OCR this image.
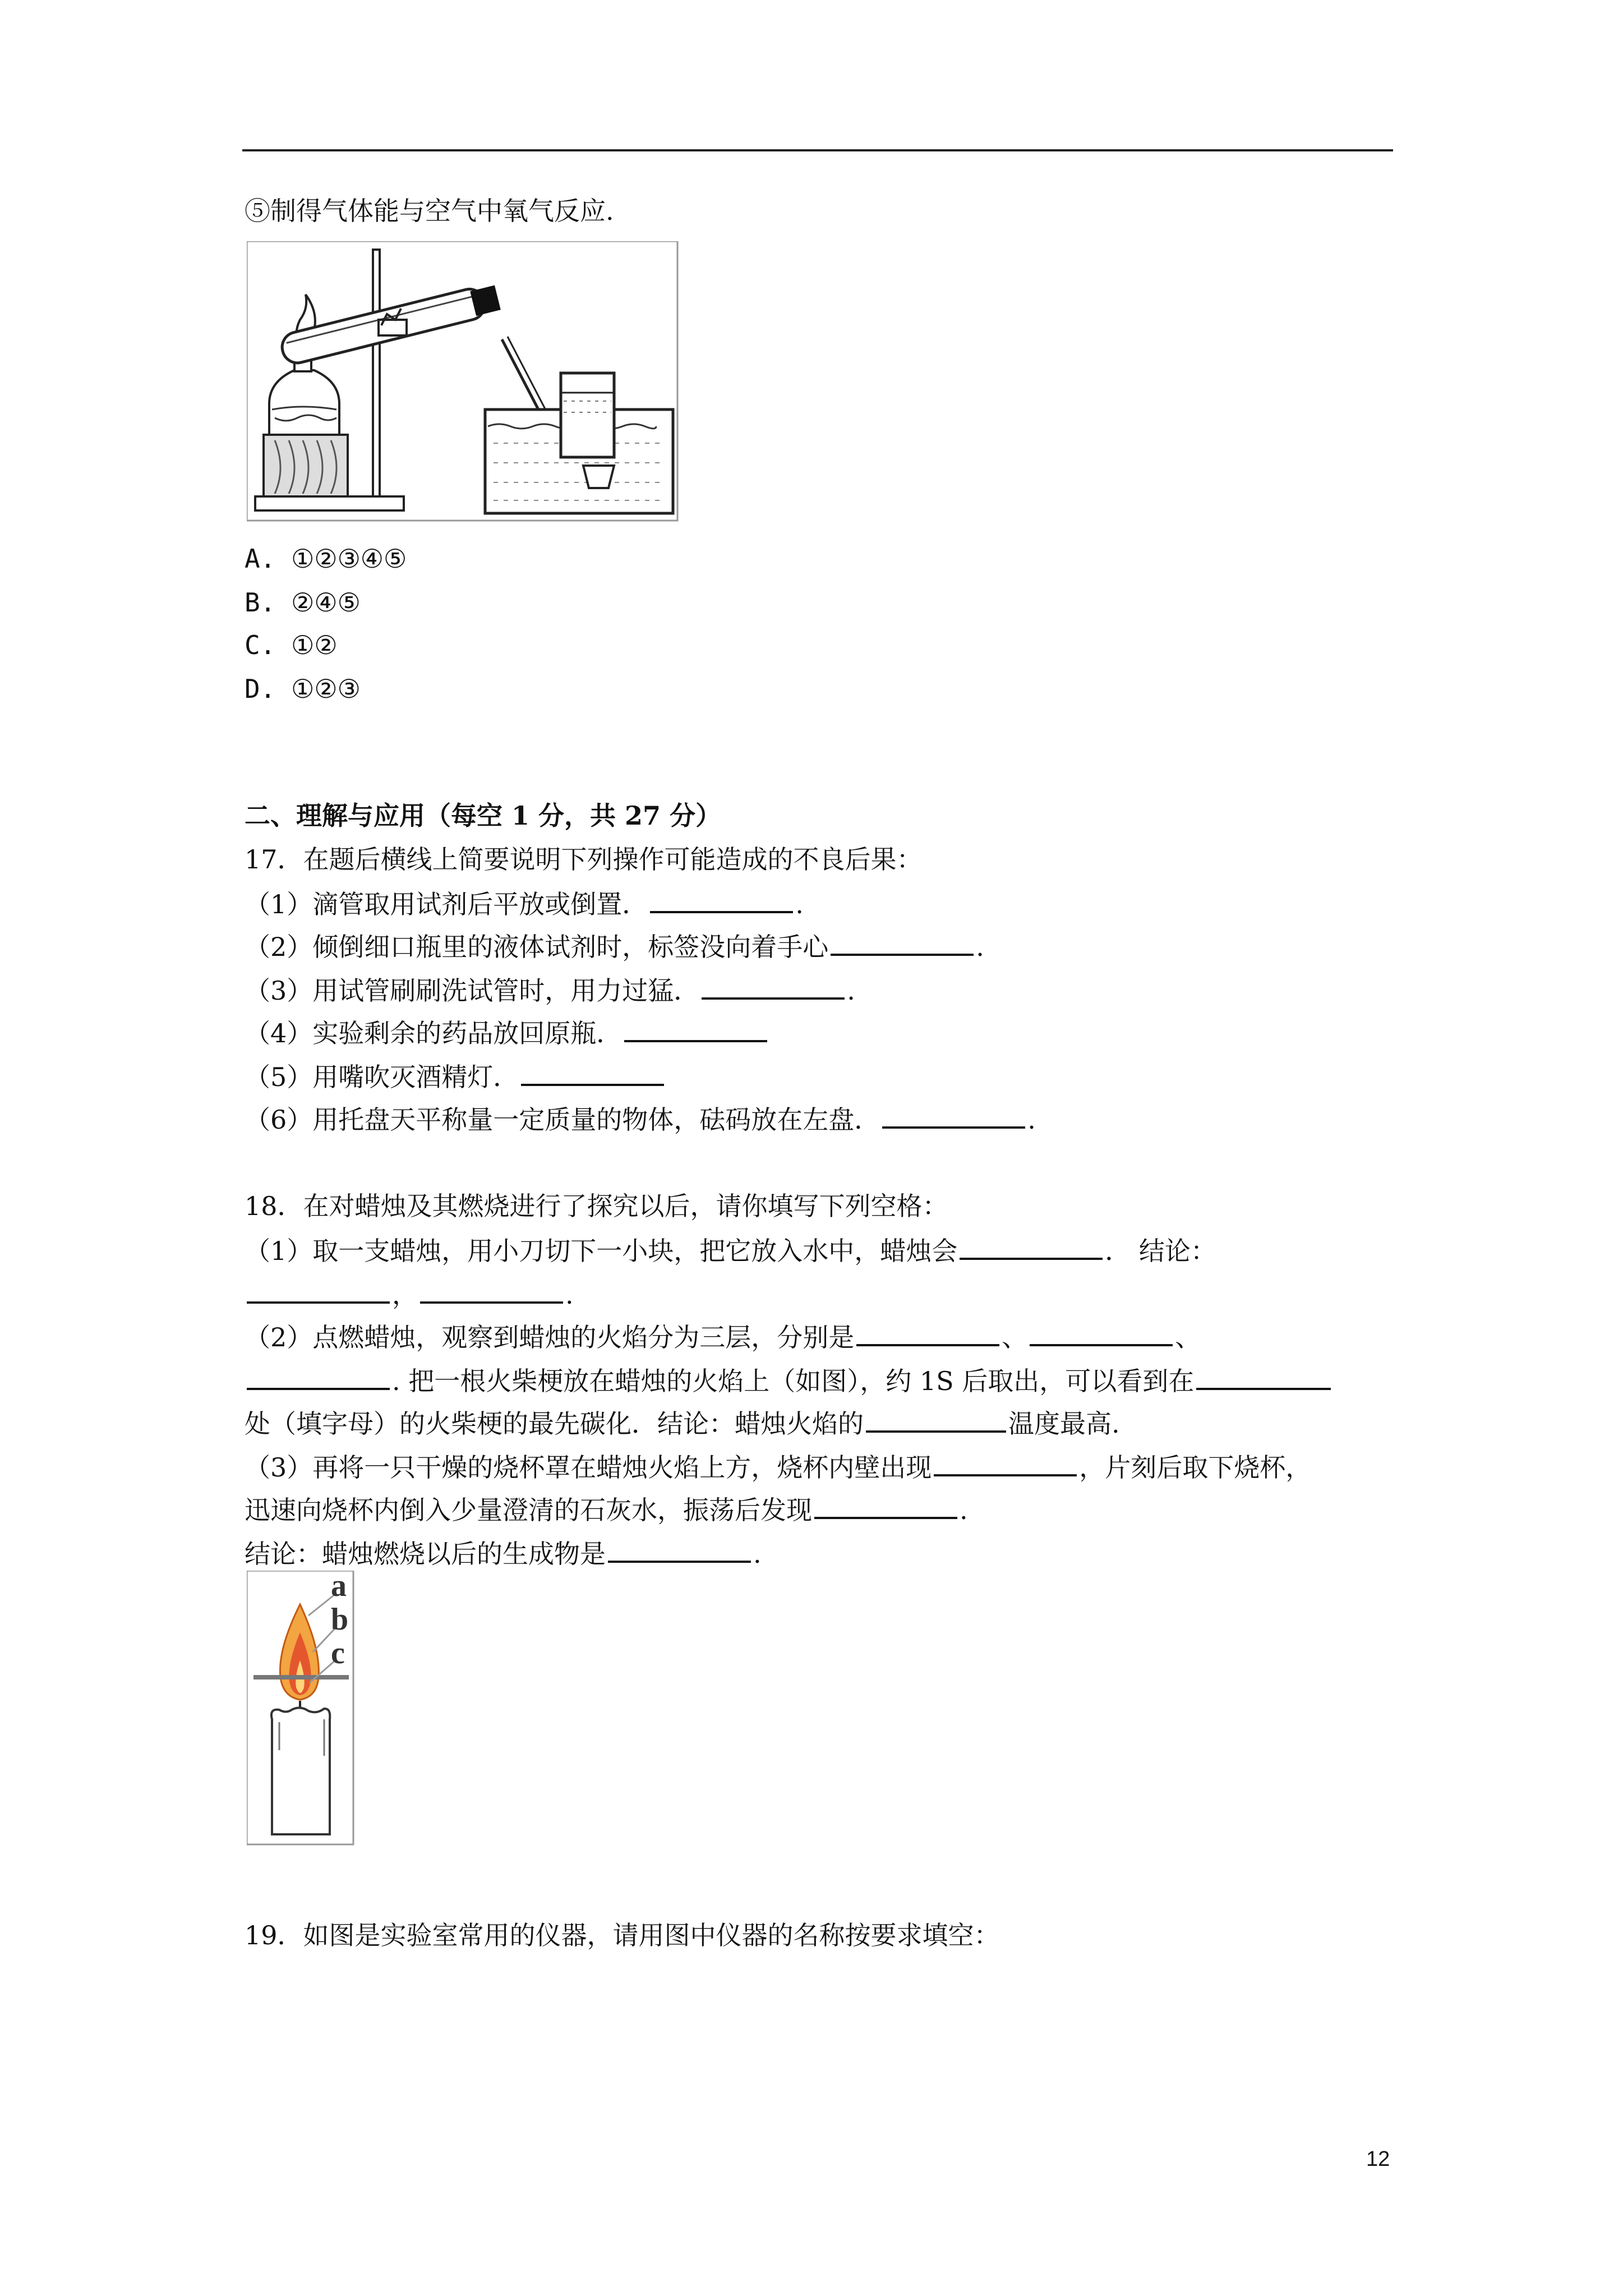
⑤制得气体能与空气中氧气反应.
A. ①②③④⑤
B. ②④⑤
C. ①②
D. ①②③
二、理解与应用（每空 1 分，共 27 分）
17．在题后横线上简要说明下列操作可能造成的不良后果：
（1）滴管取用试剂后平放或倒置．	.
（2）倾倒细口瓶里的液体试剂时，标签没向着手心	.
（3）用试管刷刷洗试管时，用力过猛．	.
（4）实验剩余的药品放回原瓶．
（5）用嘴吹灭酒精灯．
（6）用托盘天平称量一定质量的物体，砝码放在左盘．	.
18．在对蜡烛及其燃烧进行了探究以后，请你填写下列空格：
（1）取一支蜡烛，用小刀切下一小块，把它放入水中，蜡烛会	． 结论：
，	.
（2）点燃蜡烛，观察到蜡烛的火焰分为三层，分别是	、	、
. 把一根火柴梗放在蜡烛的火焰上（如图），约 1S 后取出，可以看到在
处（填字母）的火柴梗的最先碳化．结论：蜡烛火焰的	温度最高.
（3）再将一只干燥的烧杯罩在蜡烛火焰上方，烧杯内壁出现	，片刻后取下烧杯，
迅速向烧杯内倒入少量澄清的石灰水，振荡后发现	.
结论：蜡烛燃烧以后的生成物是	.
a
b
c
19．如图是实验室常用的仪器，请用图中仪器的名称按要求填空：
12
